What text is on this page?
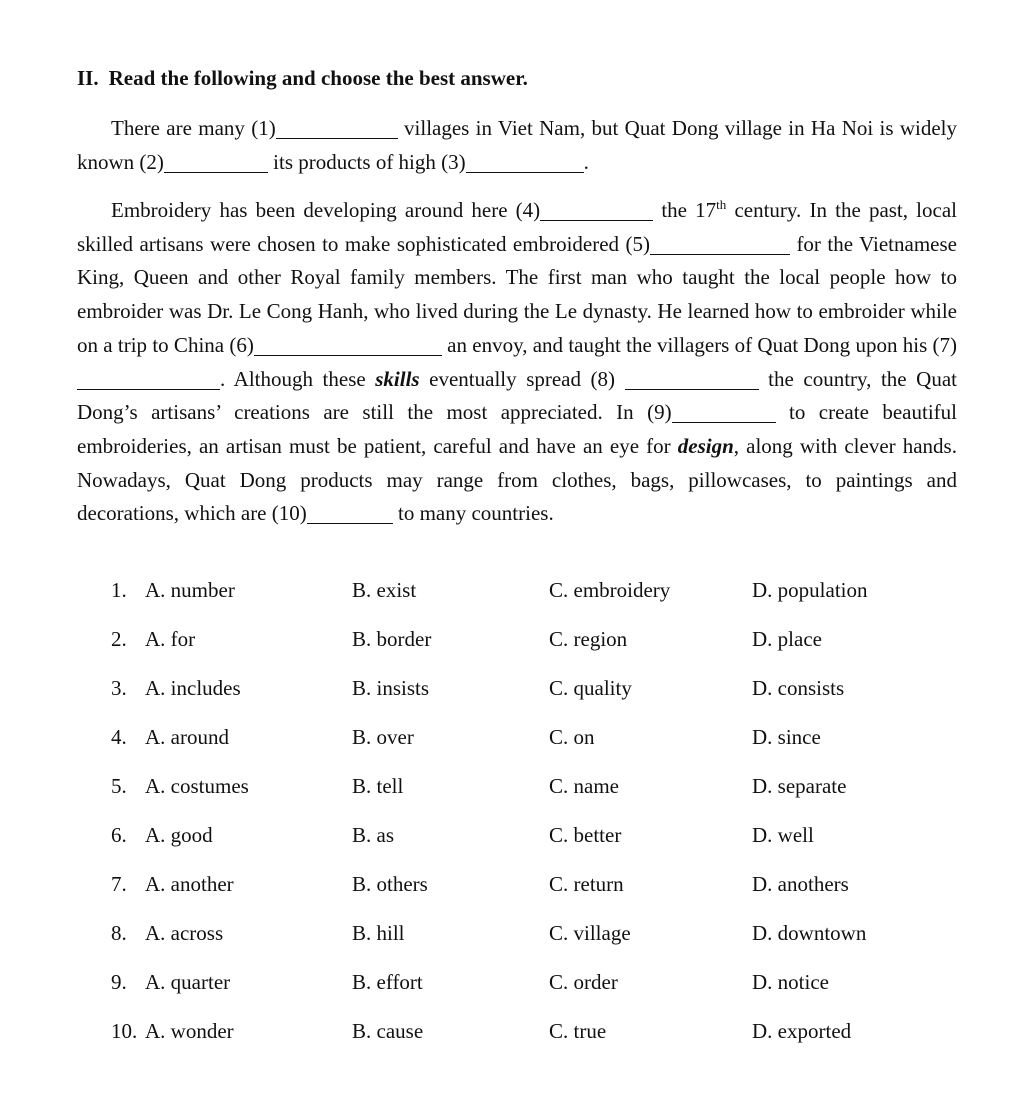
II. Read the following and choose the best answer.
There are many (1)	villages in Viet Nam, but Quat Dong village in Ha Noi is widely known (2)	its products of high (3)	.
Embroidery has been developing around here (4)	the 17th century. In the past, local skilled artisans were chosen to make sophisticated embroidered (5)	for the Vietnamese King, Queen and other Royal family members. The first man who taught the local people how to embroider was Dr. Le Cong Hanh, who lived during the Le dynasty. He learned how to embroider while on a trip to China (6)	an envoy, and taught the villagers of Quat Dong upon his (7). Although these skills eventually spread (8)	the country, the Quat Dong’s artisans’ creations are still the most appreciated. In (9)	to create beautiful embroideries, an artisan must be patient, careful and have an eye for design, along with clever hands. Nowadays, Quat Dong products may range from clothes, bags, pillowcases, to paintings and decorations, which are (10)	to many countries.
1. A. number	B. exist	C. embroidery	D. population
2. A. for	B. border	C. region	D. place
3. A. includes	B. insists	C. quality	D. consists
4. A. around	B. over	C. on	D. since
5. A. costumes	B. tell	C. name	D. separate
6. A. good	B. as	C. better	D. well
7. A. another	B. others	C. return	D. anothers
8. A. across	B. hill	C. village	D. downtown
9. A. quarter	B. effort	C. order	D. notice
10. A. wonder	B. cause	C. true	D. exported
